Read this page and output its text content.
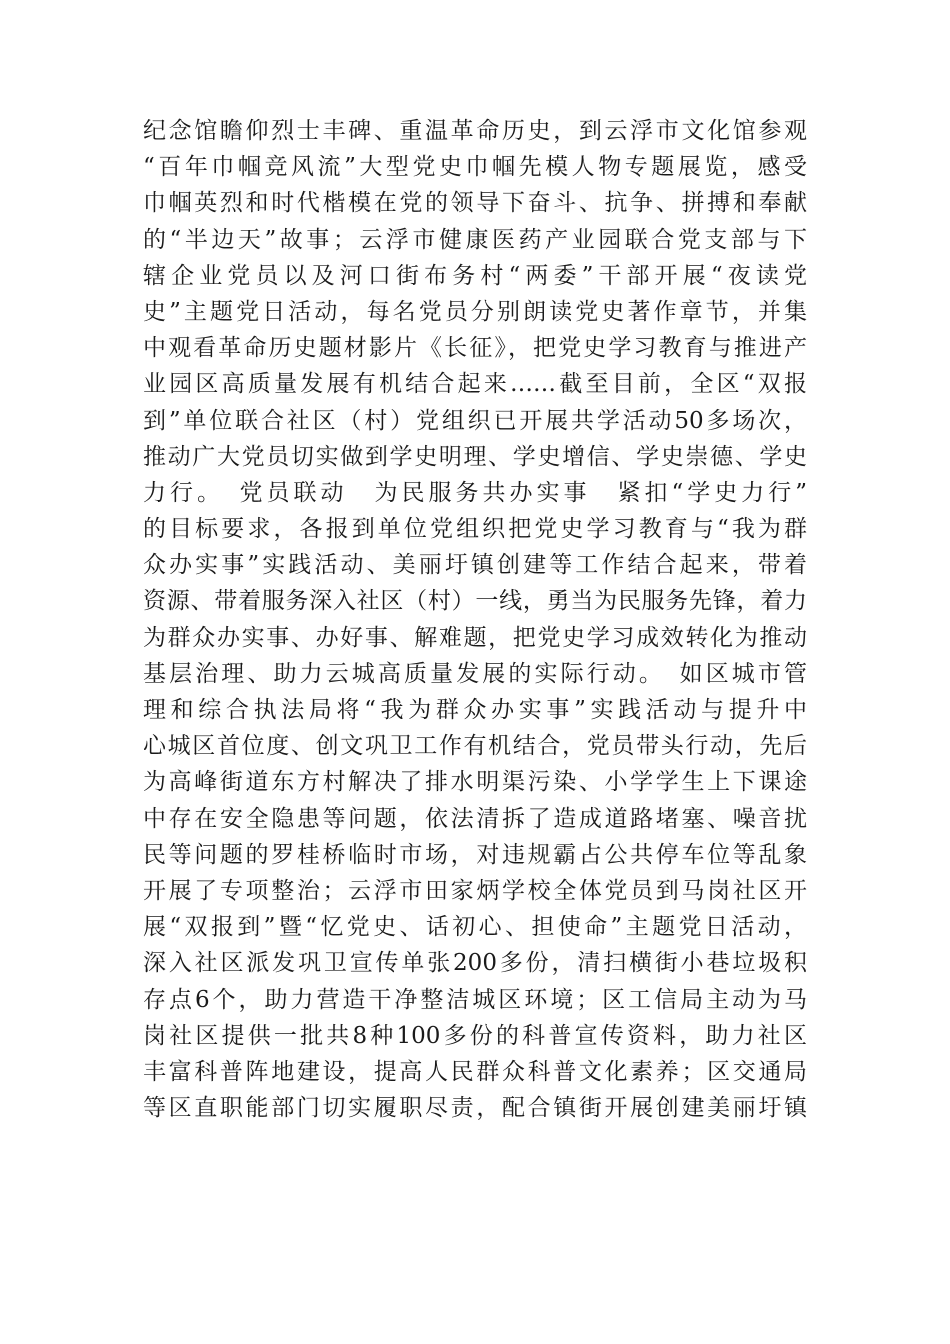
纪念馆瞻仰烈士丰碑、重温革命历史，到云浮市文化馆参观
“百年巾帼竞风流”大型党史巾帼先模人物专题展览，感受
巾帼英烈和时代楷模在党的领导下奋斗、抗争、拼搏和奉献
的“半边天”故事；云浮市健康医药产业园联合党支部与下
辖企业党员以及河口街布务村“两委”干部开展“夜读党
史”主题党日活动，每名党员分别朗读党史著作章节，并集
中观看革命历史题材影片《长征》，把党史学习教育与推进产
业园区高质量发展有机结合起来……截至目前，全区“双报
到”单位联合社区（村）党组织已开展共学活动50多场次，
推动广大党员切实做到学史明理、学史增信、学史崇德、学史
力行。　党员联动　为民服务共办实事　紧扣“学史力行”
的目标要求，各报到单位党组织把党史学习教育与“我为群
众办实事”实践活动、美丽圩镇创建等工作结合起来，带着
资源、带着服务深入社区（村）一线，勇当为民服务先锋，着力
为群众办实事、办好事、解难题，把党史学习成效转化为推动
基层治理、助力云城高质量发展的实际行动。　如区城市管
理和综合执法局将“我为群众办实事”实践活动与提升中
心城区首位度、创文巩卫工作有机结合，党员带头行动，先后
为高峰街道东方村解决了排水明渠污染、小学学生上下课途
中存在安全隐患等问题，依法清拆了造成道路堵塞、噪音扰
民等问题的罗桂桥临时市场，对违规霸占公共停车位等乱象
开展了专项整治；云浮市田家炳学校全体党员到马岗社区开
展“双报到”暨“忆党史、话初心、担使命”主题党日活动，
深入社区派发巩卫宣传单张200多份，清扫横街小巷垃圾积
存点6个，助力营造干净整洁城区环境；区工信局主动为马
岗社区提供一批共8种100多份的科普宣传资料，助力社区
丰富科普阵地建设，提高人民群众科普文化素养；区交通局
等区直职能部门切实履职尽责，配合镇街开展创建美丽圩镇
